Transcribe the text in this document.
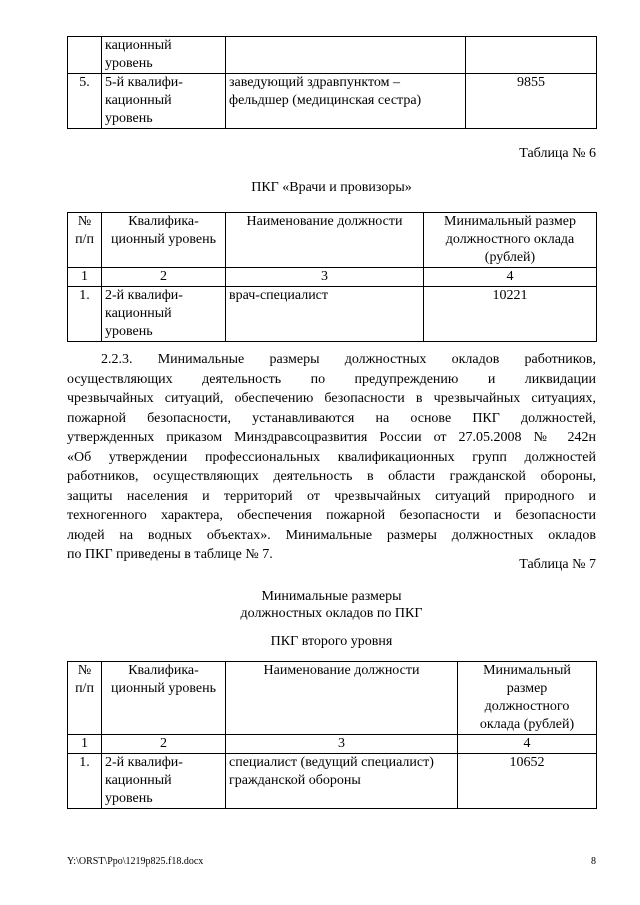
	кационный уровень		
5.	5-й квалифи- кационный уровень	заведующий здравпунктом – фельдшер (медицинская сестра)	9855
Таблица № 6
ПКГ «Врачи и провизоры»
№ п/п	Квалифика- ционный уровень	Наименование должности	Минимальный размер должностного оклада (рублей)
1	2	3	4
1.	2-й квалифи- кационный уровень	врач-специалист	10221
2.2.3. Минимальные размеры должностных окладов работников,
осуществляющих деятельность по предупреждению и ликвидации
чрезвычайных ситуаций, обеспечению безопасности в чрезвычайных ситуациях,
пожарной безопасности, устанавливаются на основе ПКГ должностей,
утвержденных приказом Минздравсоцразвития России от 27.05.2008 № 242н
«Об утверждении профессиональных квалификационных групп должностей
работников, осуществляющих деятельность в области гражданской обороны,
защиты населения и территорий от чрезвычайных ситуаций природного и
техногенного характера, обеспечения пожарной безопасности и безопасности
людей на водных объектах». Минимальные размеры должностных окладов
по ПКГ приведены в таблице № 7.
Таблица № 7
Минимальные размеры
должностных окладов по ПКГ
ПКГ второго уровня
№ п/п	Квалифика- ционный уровень	Наименование должности	Минимальный размер должностного оклада (рублей)
1	2	3	4
1.	2-й квалифи- кационный уровень	специалист (ведущий специалист) гражданской обороны	10652
Y:\ORST\Ppo\1219p825.f18.docx	8
